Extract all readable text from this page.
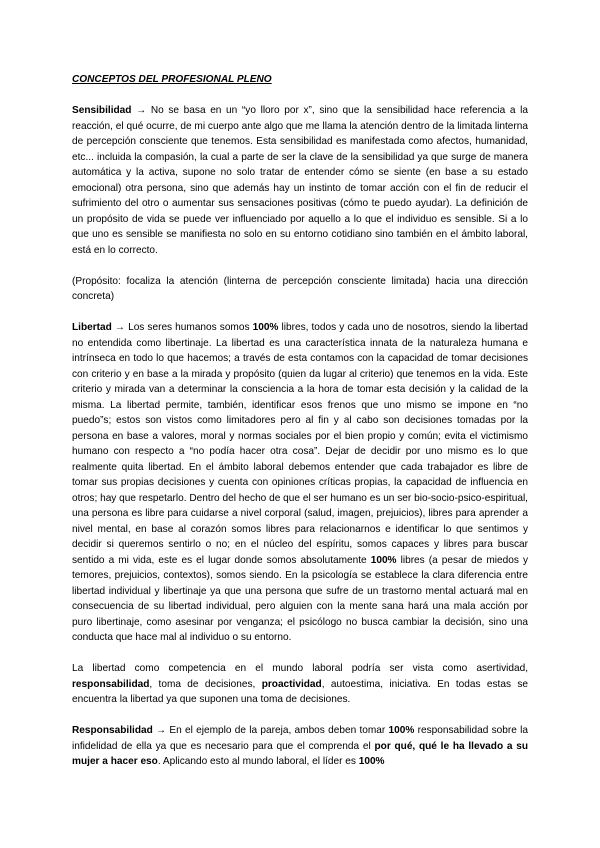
CONCEPTOS DEL PROFESIONAL PLENO

Sensibilidad → No se basa en un “yo lloro por x”, sino que la sensibilidad hace referencia a la reacción, el qué ocurre, de mi cuerpo ante algo que me llama la atención dentro de la limitada linterna de percepción consciente que tenemos. Esta sensibilidad es manifestada como afectos, humanidad, etc... incluida la compasión, la cual a parte de ser la clave de la sensibilidad ya que surge de manera automática y la activa, supone no solo tratar de entender cómo se siente (en base a su estado emocional) otra persona, sino que además hay un instinto de tomar acción con el fin de reducir el sufrimiento del otro o aumentar sus sensaciones positivas (cómo te puedo ayudar). La definición de un propósito de vida se puede ver influenciado por aquello a lo que el individuo es sensible. Si a lo que uno es sensible se manifiesta no solo en su entorno cotidiano sino también en el ámbito laboral, está en lo correcto.

(Propósito: focaliza la atención (linterna de percepción consciente limitada) hacia una dirección concreta)

Libertad → Los seres humanos somos 100% libres, todos y cada uno de nosotros, siendo la libertad no entendida como libertinaje. La libertad es una característica innata de la naturaleza humana e intrínseca en todo lo que hacemos; a través de esta contamos con la capacidad de tomar decisiones con criterio y en base a la mirada y propósito (quien da lugar al criterio) que tenemos en la vida. Este criterio y mirada van a determinar la consciencia a la hora de tomar esta decisión y la calidad de la misma. La libertad permite, también, identificar esos frenos que uno mismo se impone en “no puedo”s; estos son vistos como limitadores pero al fin y al cabo son decisiones tomadas por la persona en base a valores, moral y normas sociales por el bien propio y común; evita el victimismo humano con respecto a “no podía hacer otra cosa”. Dejar de decidir por uno mismo es lo que realmente quita libertad. En el ámbito laboral debemos entender que cada trabajador es libre de tomar sus propias decisiones y cuenta con opiniones críticas propias, la capacidad de influencia en otros; hay que respetarlo. Dentro del hecho de que el ser humano es un ser bio-socio-psico-espiritual, una persona es libre para cuidarse a nivel corporal (salud, imagen, prejuicios), libres para aprender a nivel mental, en base al corazón somos libres para relacionarnos e identificar lo que sentimos y decidir si queremos sentirlo o no; en el núcleo del espíritu, somos capaces y libres para buscar sentido a mi vida, este es el lugar donde somos absolutamente 100% libres (a pesar de miedos y temores, prejuicios, contextos), somos siendo. En la psicología se establece la clara diferencia entre libertad individual y libertinaje ya que una persona que sufre de un trastorno mental actuará mal en consecuencia de su libertad individual, pero alguien con la mente sana hará una mala acción por puro libertinaje, como asesinar por venganza; el psicólogo no busca cambiar la decisión, sino una conducta que hace mal al individuo o su entorno.

La libertad como competencia en el mundo laboral podría ser vista como asertividad, responsabilidad, toma de decisiones, proactividad, autoestima, iniciativa. En todas estas se encuentra la libertad ya que suponen una toma de decisiones.

Responsabilidad → En el ejemplo de la pareja, ambos deben tomar 100% responsabilidad sobre la infidelidad de ella ya que es necesario para que el comprenda el por qué, qué le ha llevado a su mujer a hacer eso. Aplicando esto al mundo laboral, el líder es 100%
